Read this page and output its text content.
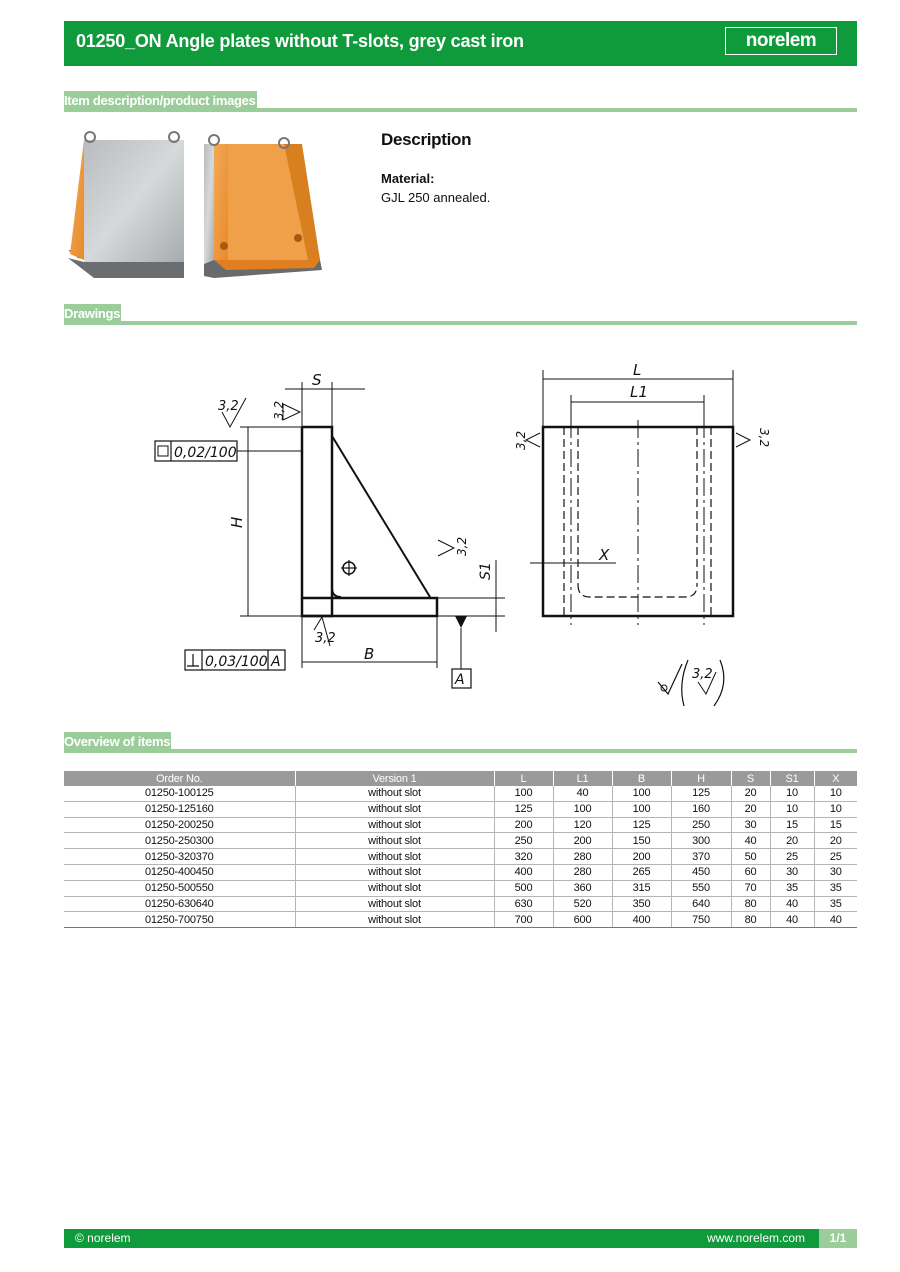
01250_ON Angle plates without T-slots, grey cast iron	norelem
Item description/product images
Description
Material:
GJL 250 annealed.
Drawings
S
H
B
S1
3,2	3,2
3,2
3,2
0,02/100
0,03/100 A
A
L
L1
X
3,2	3,2
3,2
Overview of items
Order No.	Version 1	L	L1	B	H	S	S1	X
01250-100125	without slot	100	40	100	125	20	10	10
01250-125160	without slot	125	100	100	160	20	10	10
01250-200250	without slot	200	120	125	250	30	15	15
01250-250300	without slot	250	200	150	300	40	20	20
01250-320370	without slot	320	280	200	370	50	25	25
01250-400450	without slot	400	280	265	450	60	30	30
01250-500550	without slot	500	360	315	550	70	35	35
01250-630640	without slot	630	520	350	640	80	40	35
01250-700750	without slot	700	600	400	750	80	40	40
© norelem	www.norelem.com	1/1
